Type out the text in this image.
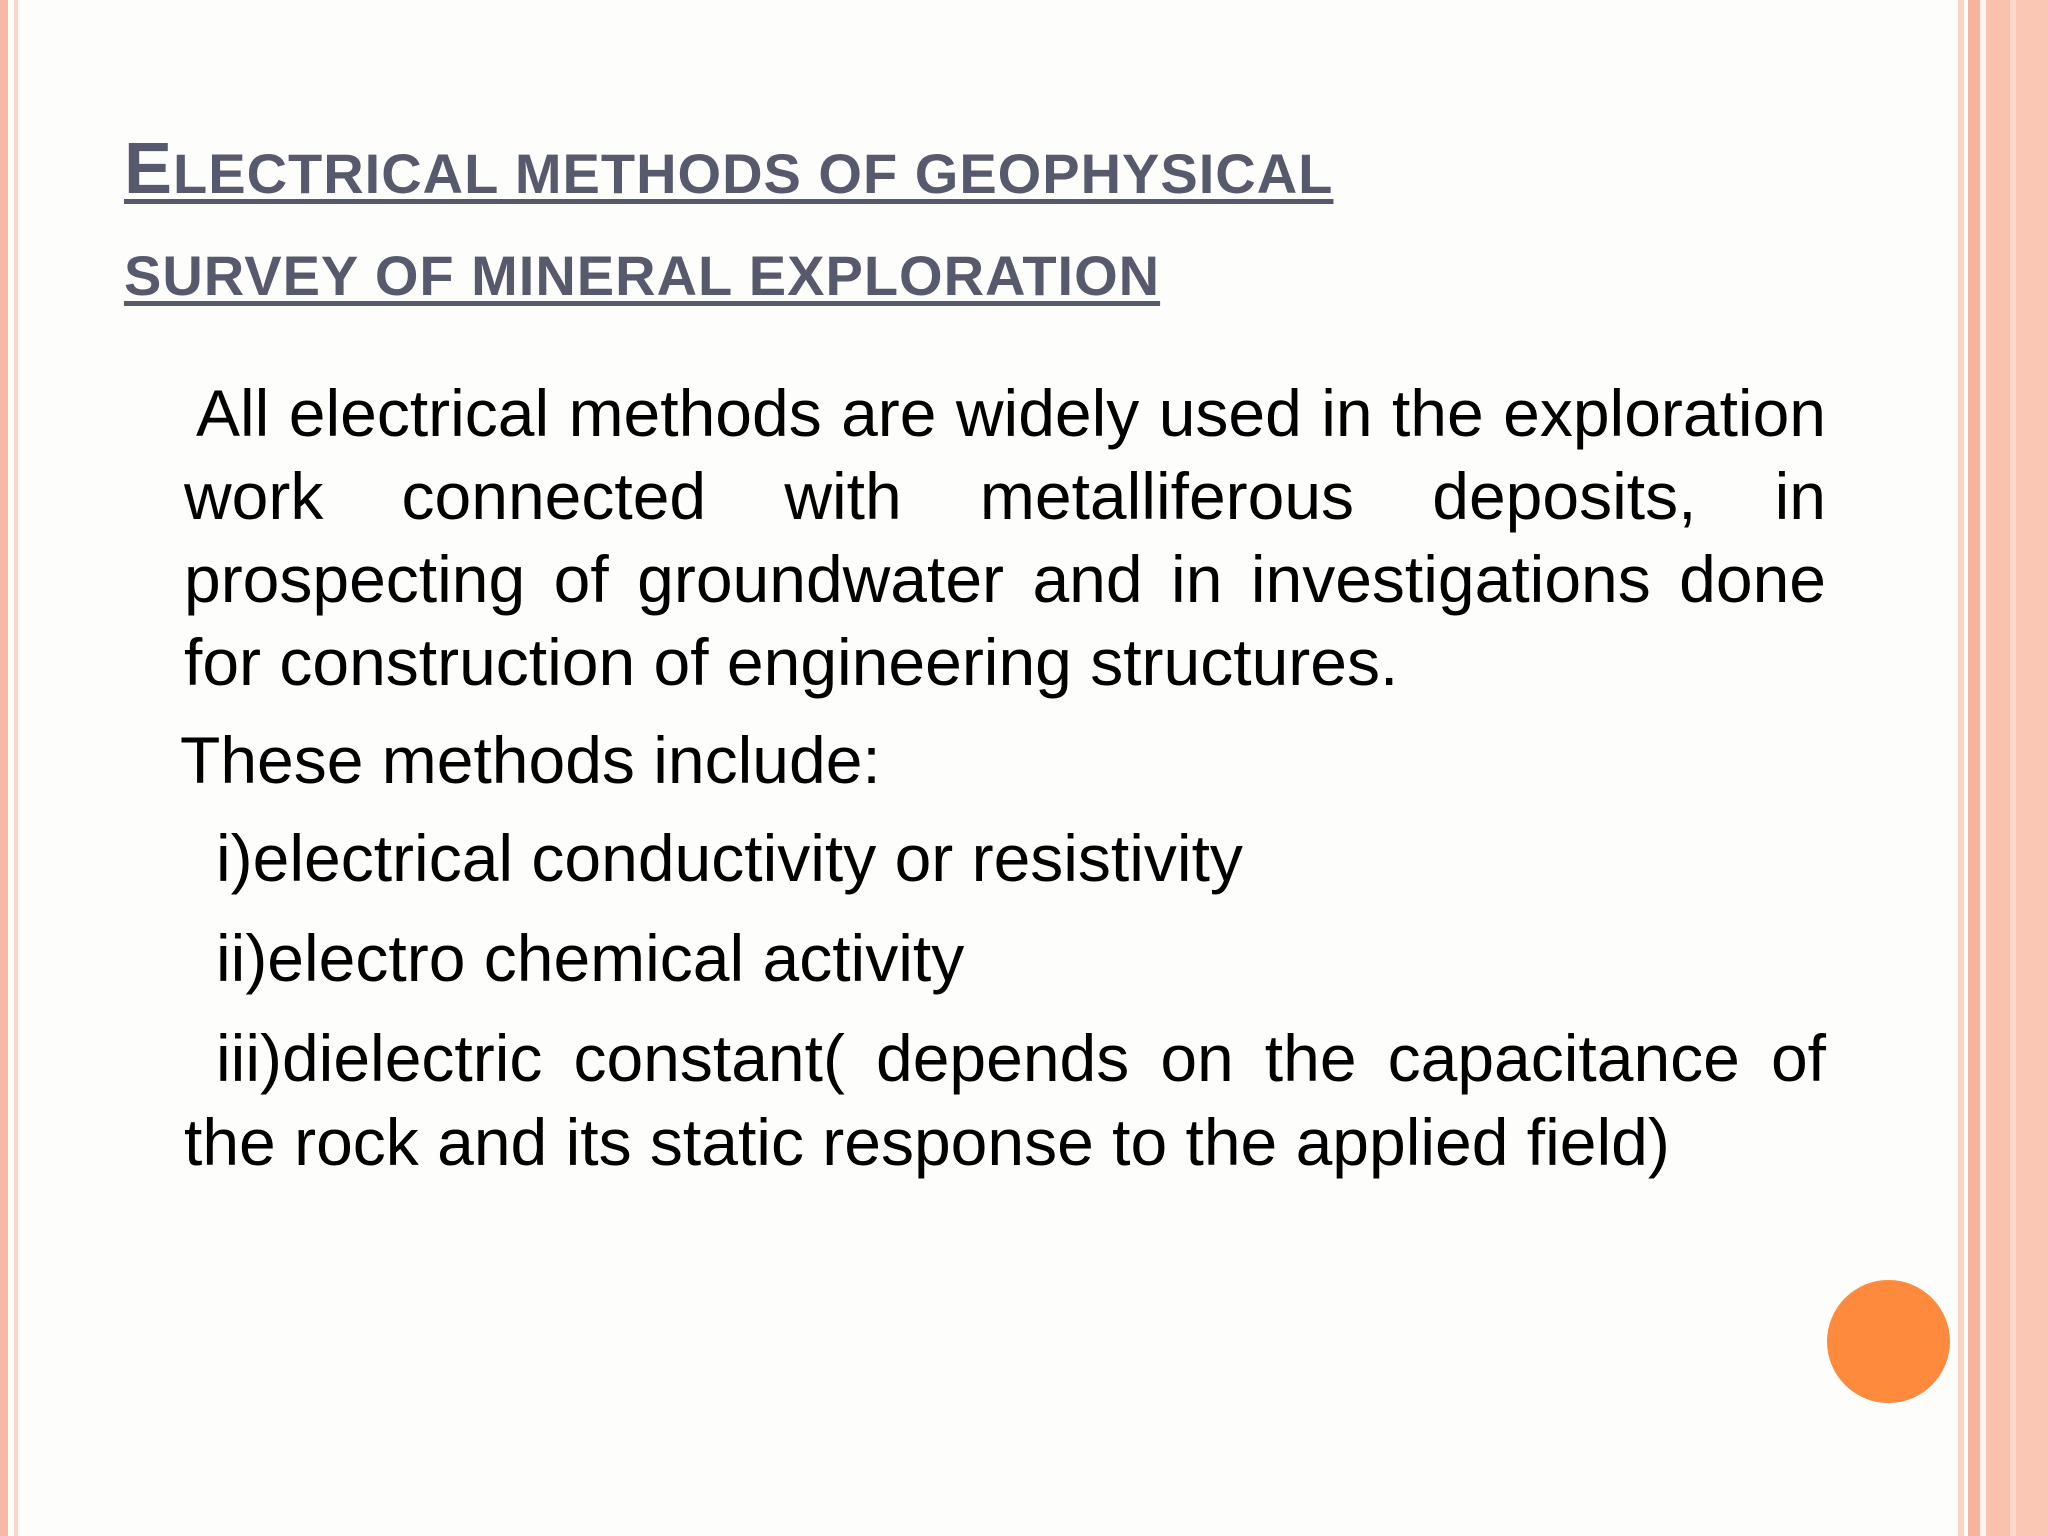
ELECTRICAL METHODS OF GEOPHYSICAL
SURVEY OF MINERAL EXPLORATION

All electrical methods are widely used in the exploration work connected with metalliferous deposits, in prospecting of groundwater and in investigations done for construction of engineering structures.

These methods include:

i)electrical conductivity or resistivity

ii)electro chemical activity

iii)dielectric constant( depends on the capacitance of the rock and its static response to the applied field)
